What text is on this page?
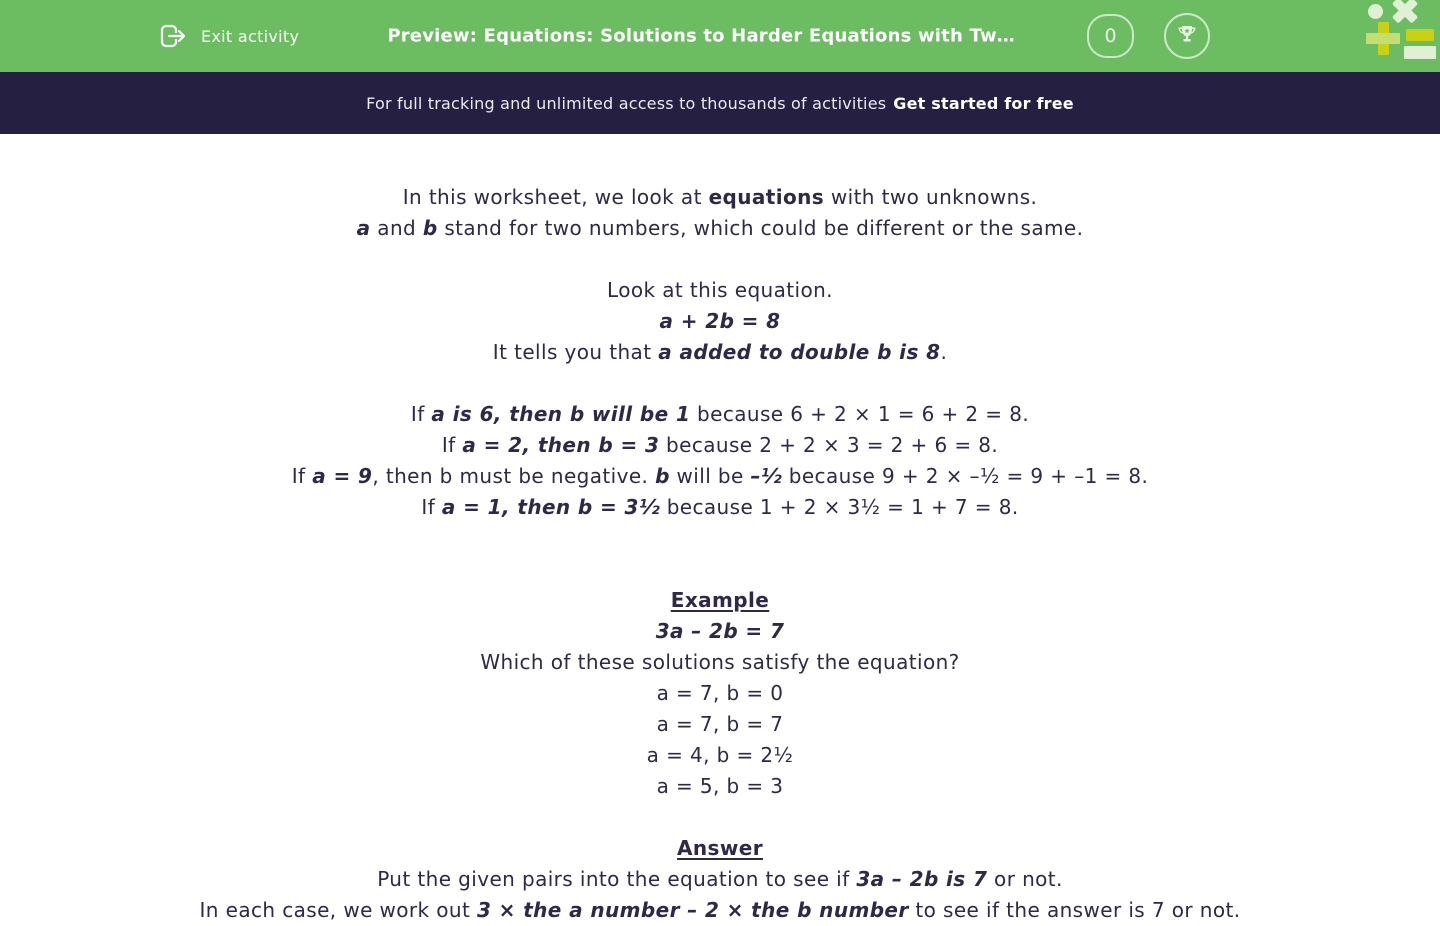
Exit activity	Preview: Equations: Solutions to Harder Equations with Tw…	0
For full tracking and unlimited access to thousands of activities Get started for free

In this worksheet, we look at equations with two unknowns.

a and b stand for two numbers, which could be different or the same.

Look at this equation.

a + 2b = 8

It tells you that a added to double b is 8.

If a is 6, then b will be 1 because 6 + 2 × 1 = 6 + 2 = 8.

If a = 2, then b = 3 because 2 + 2 × 3 = 2 + 6 = 8.

If a = 9, then b must be negative. b will be –½ because 9 + 2 × –½ = 9 + –1 = 8.

If a = 1, then b = 3½ because 1 + 2 × 3½ = 1 + 7 = 8.

Example

3a – 2b = 7

Which of these solutions satisfy the equation?

a = 7, b = 0

a = 7, b = 7

a = 4, b = 2½

a = 5, b = 3

Answer

Put the given pairs into the equation to see if 3a – 2b is 7 or not.

In each case, we work out 3 × the a number – 2 × the b number to see if the answer is 7 or not.
